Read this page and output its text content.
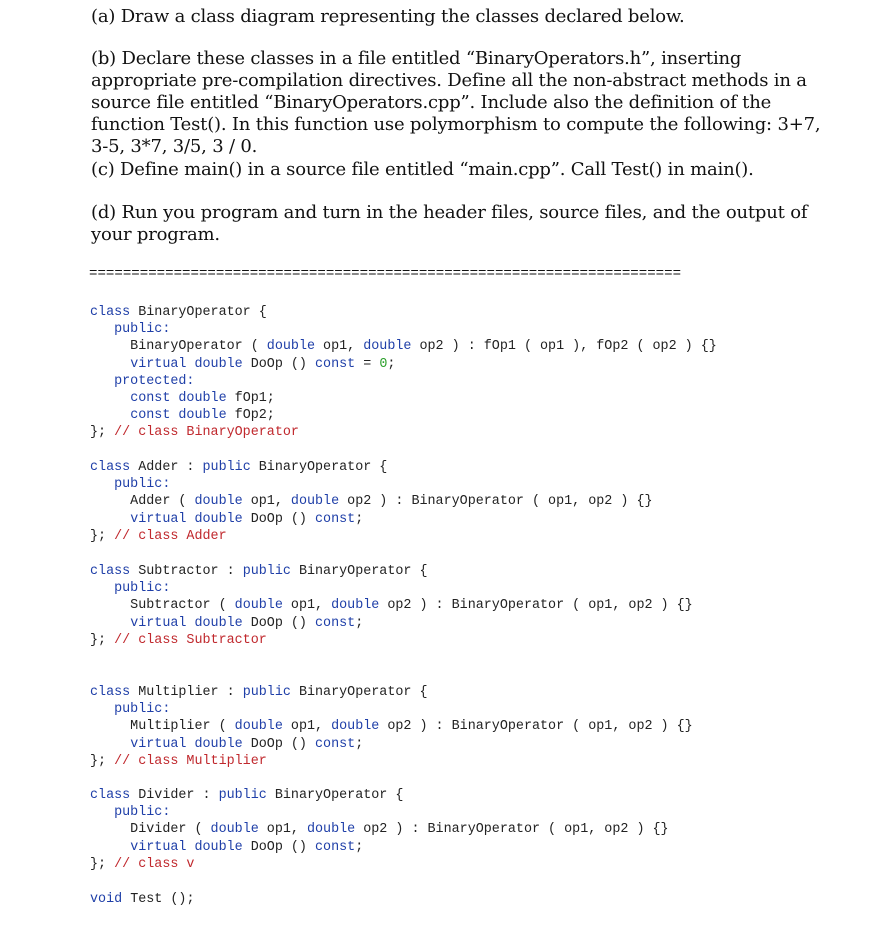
(a) Draw a class diagram representing the classes declared below.

(b) Declare these classes in a file entitled “BinaryOperators.h”, inserting appropriate pre-compilation directives. Define all the non-abstract methods in a source file entitled “BinaryOperators.cpp”. Include also the definition of the function Test(). In this function use polymorphism to compute the following: 3+7, 3-5, 3*7, 3/5, 3 / 0.

(c) Define main() in a source file entitled “main.cpp”. Call Test() in main().

(d) Run you program and turn in the header files, source files, and the output of your program.

======================================================================
class BinaryOperator {
public:
BinaryOperator ( double op1, double op2 ) : fOp1 ( op1 ), fOp2 ( op2 ) {}
virtual double DoOp () const = 0;
protected:
const double fOp1;
const double fOp2;
}; // class BinaryOperator
class Adder : public BinaryOperator {
public:
Adder ( double op1, double op2 ) : BinaryOperator ( op1, op2 ) {}
virtual double DoOp () const;
}; // class Adder
class Subtractor : public BinaryOperator {
public:
Subtractor ( double op1, double op2 ) : BinaryOperator ( op1, op2 ) {}
virtual double DoOp () const;
}; // class Subtractor
class Multiplier : public BinaryOperator {
public:
Multiplier ( double op1, double op2 ) : BinaryOperator ( op1, op2 ) {}
virtual double DoOp () const;
}; // class Multiplier
class Divider : public BinaryOperator {
public:
Divider ( double op1, double op2 ) : BinaryOperator ( op1, op2 ) {}
virtual double DoOp () const;
}; // class v
void Test ();
